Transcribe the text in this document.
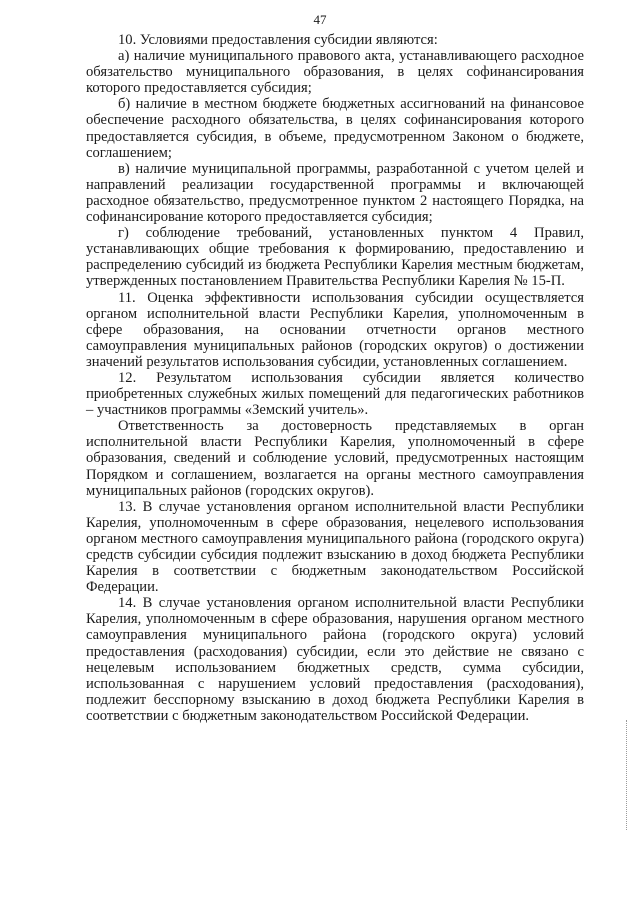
47

10. Условиями предоставления субсидии являются:

а) наличие муниципального правового акта, устанавливающего расходное обязательство муниципального образования, в целях софинансирования которого предоставляется субсидия;

б) наличие в местном бюджете бюджетных ассигнований на финансовое обеспечение расходного обязательства, в целях софинансирования которого предоставляется субсидия, в объеме, предусмотренном Законом о бюджете, соглашением;

в) наличие муниципальной программы, разработанной с учетом целей и направлений реализации государственной программы и включающей расходное обязательство, предусмотренное пунктом 2 настоящего Порядка, на софинансирование которого предоставляется субсидия;

г) соблюдение требований, установленных пунктом 4 Правил, устанавливающих общие требования к формированию, предоставлению и распределению субсидий из бюджета Республики Карелия местным бюджетам, утвержденных постановлением Правительства Республики Карелия № 15-П.

11. Оценка эффективности использования субсидии осуществляется органом исполнительной власти Республики Карелия, уполномоченным в сфере образования, на основании отчетности органов местного самоуправления муниципальных районов (городских округов) о достижении значений результатов использования субсидии, установленных соглашением.

12. Результатом использования субсидии является количество приобретенных служебных жилых помещений для педагогических работников – участников программы «Земский учитель».

Ответственность за достоверность представляемых в орган исполнительной власти Республики Карелия, уполномоченный в сфере образования, сведений и соблюдение условий, предусмотренных настоящим Порядком и соглашением, возлагается на органы местного самоуправления муниципальных районов (городских округов).

13. В случае установления органом исполнительной власти Республики Карелия, уполномоченным в сфере образования, нецелевого использования органом местного самоуправления муниципального района (городского округа) средств субсидии субсидия подлежит взысканию в доход бюджета Республики Карелия в соответствии с бюджетным законодательством Российской Федерации.

14. В случае установления органом исполнительной власти Республики Карелия, уполномоченным в сфере образования, нарушения органом местного самоуправления муниципального района (городского округа) условий предоставления (расходования) субсидии, если это действие не связано с нецелевым использованием бюджетных средств, сумма субсидии, использованная с нарушением условий предоставления (расходования), подлежит бесспорному взысканию в доход бюджета Республики Карелия в соответствии с бюджетным законодательством Российской Федерации.
